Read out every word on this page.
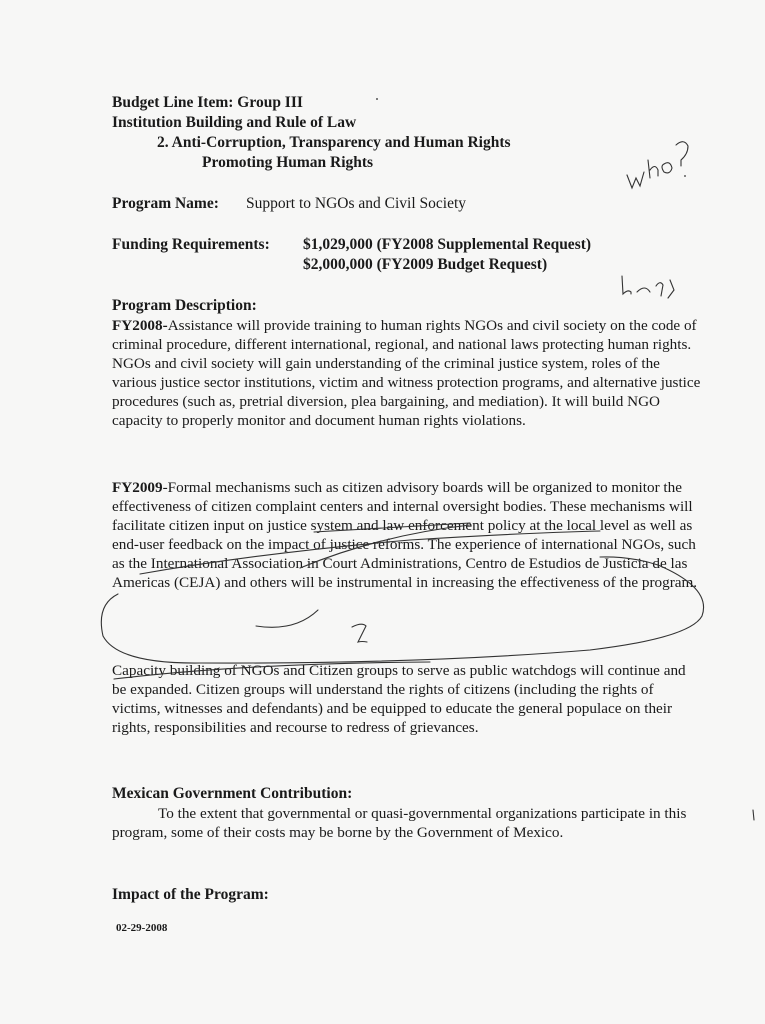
Budget Line Item: Group III
Institution Building and Rule of Law
2. Anti-Corruption, Transparency and Human Rights
Promoting Human Rights
Program Name: Support to NGOs and Civil Society
Funding Requirements: $1,029,000 (FY2008 Supplemental Request)
$2,000,000 (FY2009 Budget Request)
Program Description:
FY2008-Assistance will provide training to human rights NGOs and civil society on the code of criminal procedure, different international, regional, and national laws protecting human rights. NGOs and civil society will gain understanding of the criminal justice system, roles of the various justice sector institutions, victim and witness protection programs, and alternative justice procedures (such as, pretrial diversion, plea bargaining, and mediation). It will build NGO capacity to properly monitor and document human rights violations.
FY2009-Formal mechanisms such as citizen advisory boards will be organized to monitor the effectiveness of citizen complaint centers and internal oversight bodies. These mechanisms will facilitate citizen input on justice system and law enforcement policy at the local level as well as end-user feedback on the impact of justice reforms. The experience of international NGOs, such as the International Association in Court Administrations, Centro de Estudios de Justicia de las Americas (CEJA) and others will be instrumental in increasing the effectiveness of the program.
Capacity building of NGOs and Citizen groups to serve as public watchdogs will continue and be expanded. Citizen groups will understand the rights of citizens (including the rights of victims, witnesses and defendants) and be equipped to educate the general populace on their rights, responsibilities and recourse to redress of grievances.
Mexican Government Contribution:
To the extent that governmental or quasi-governmental organizations participate in this program, some of their costs may be borne by the Government of Mexico.
Impact of the Program:
02-29-2008
